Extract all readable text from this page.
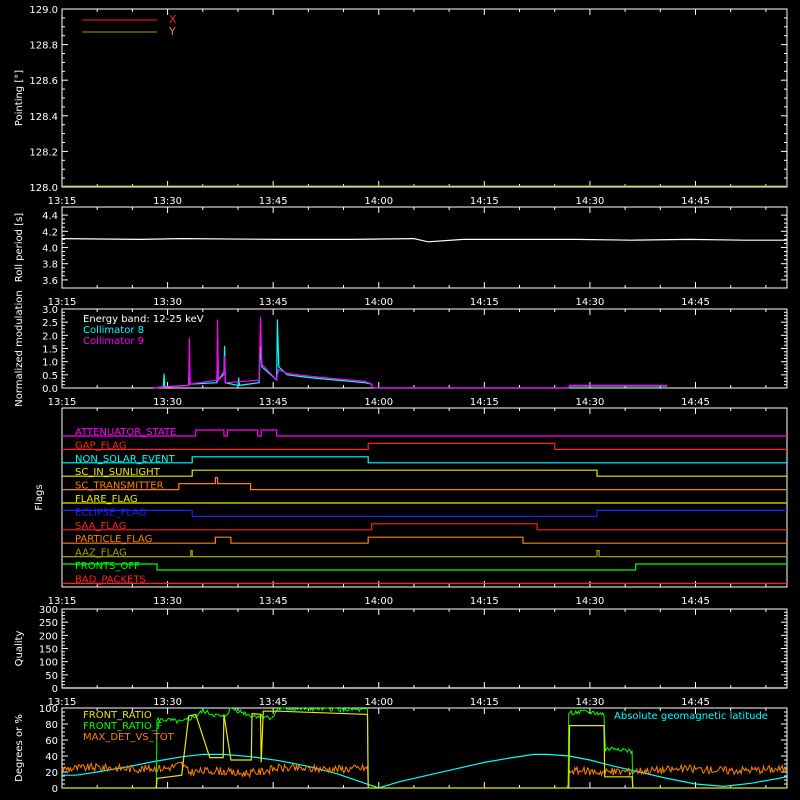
128.0
128.2
128.4
128.6
128.8
129.0
Pointing [°]
X
Y
13:15	13:30	13:45	14:00	14:15	14:30	14:45
3.6
3.8
4.0
4.2
4.4
Roll period [s]
13:15	13:30	13:45	14:00	14:15	14:30	14:45
0.0
0.5
1.0
1.5
2.0
2.5
3.0
Normalized modulation	Collimator 8
Collimator 9
Energy band: 12-25 keV
13:15	13:30	13:45	14:00	14:15	14:30	14:45
Flags
ATTENUATOR_STATE
GAP_FLAG
NON_SOLAR_EVENT
SC_IN_SUNLIGHT
SC_TRANSMITTER
FLARE_FLAG
ECLIPSE_FLAG
SAA_FLAG
PARTICLE_FLAG
AAZ_FLAG
FRONTS_OFF
BAD_PACKETS
13:15	13:30	13:45	14:00	14:15	14:30	14:45
0
50
100
150
200
250
300
Quality
13:15	13:30	13:45	14:00	14:15	14:30	14:45
0
20
40
60
80
100
Degrees or %	FRONT_RATIO
FRONT_RATIO_F
MAX_DET_VS_TOT
Absolute geomagnetic latitude
